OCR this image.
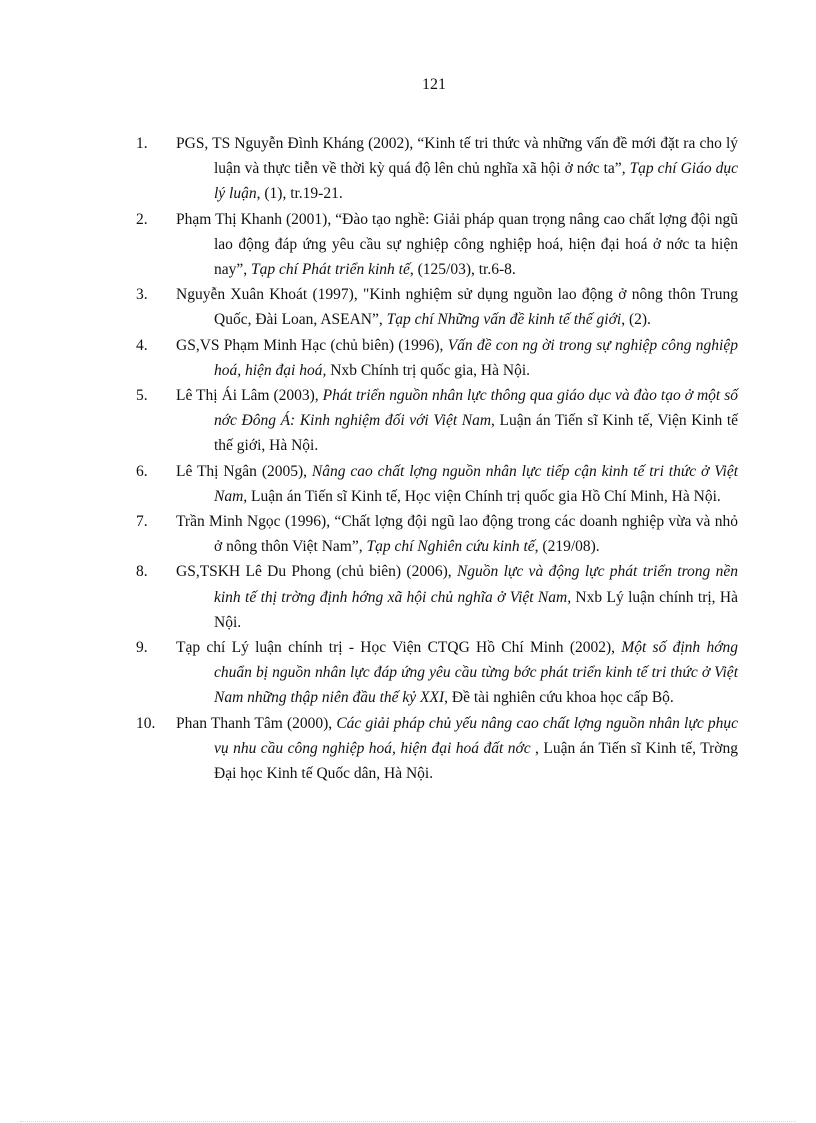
121
1. PGS, TS Nguyễn Đình Kháng (2002), “Kinh tế tri thức và những vấn đề mới đặt ra cho lý luận và thực tiễn về thời kỳ quá độ lên chủ nghĩa xã hội ở nớc ta”, Tạp chí Giáo dục lý luận, (1), tr.19-21.
2. Phạm Thị Khanh (2001), “Đào tạo nghề: Giải pháp quan trọng nâng cao chất lợng đội ngũ lao động đáp ứng yêu cầu sự nghiệp công nghiệp hoá, hiện đại hoá ở nớc ta hiện nay”, Tạp chí Phát triển kinh tế, (125/03), tr.6-8.
3. Nguyễn Xuân Khoát (1997), "Kinh nghiệm sử dụng nguồn lao động ở nông thôn Trung Quốc, Đài Loan, ASEAN”, Tạp chí Những vấn đề kinh tế thế giới, (2).
4. GS,VS Phạm Minh Hạc (chủ biên) (1996), Vấn đề con ng ời trong sự nghiệp công nghiệp hoá, hiện đại hoá, Nxb Chính trị quốc gia, Hà Nội.
5. Lê Thị Ái Lâm (2003), Phát triển nguồn nhân lực thông qua giáo dục và đào tạo ở một số nớc Đông Á: Kinh nghiệm đối với Việt Nam, Luận án Tiến sĩ Kinh tế, Viện Kinh tế thế giới, Hà Nội.
6. Lê Thị Ngân (2005), Nâng cao chất lợng nguồn nhân lực tiếp cận kinh tế tri thức ở Việt Nam, Luận án Tiến sĩ Kinh tế, Học viện Chính trị quốc gia Hồ Chí Minh, Hà Nội.
7. Trần Minh Ngọc (1996), “Chất lợng đội ngũ lao động trong các doanh nghiệp vừa và nhỏ ở nông thôn Việt Nam”, Tạp chí Nghiên cứu kinh tế, (219/08).
8. GS,TSKH Lê Du Phong (chủ biên) (2006), Nguồn lực và động lực phát triển trong nền kinh tế thị trờng định hớng xã hội chủ nghĩa ở Việt Nam, Nxb Lý luận chính trị, Hà Nội.
9. Tạp chí Lý luận chính trị - Học Viện CTQG Hồ Chí Minh (2002), Một số định hớng chuẩn bị nguồn nhân lực đáp ứng yêu cầu từng bớc phát triển kinh tế tri thức ở Việt Nam những thập niên đầu thế kỷ XXI, Đề tài nghiên cứu khoa học cấp Bộ.
10. Phan Thanh Tâm (2000), Các giải pháp chủ yếu nâng cao chất lợng nguồn nhân lực phục vụ nhu cầu công nghiệp hoá, hiện đại hoá đất nớc , Luận án Tiến sĩ Kinh tế, Trờng Đại học Kinh tế Quốc dân, Hà Nội.
